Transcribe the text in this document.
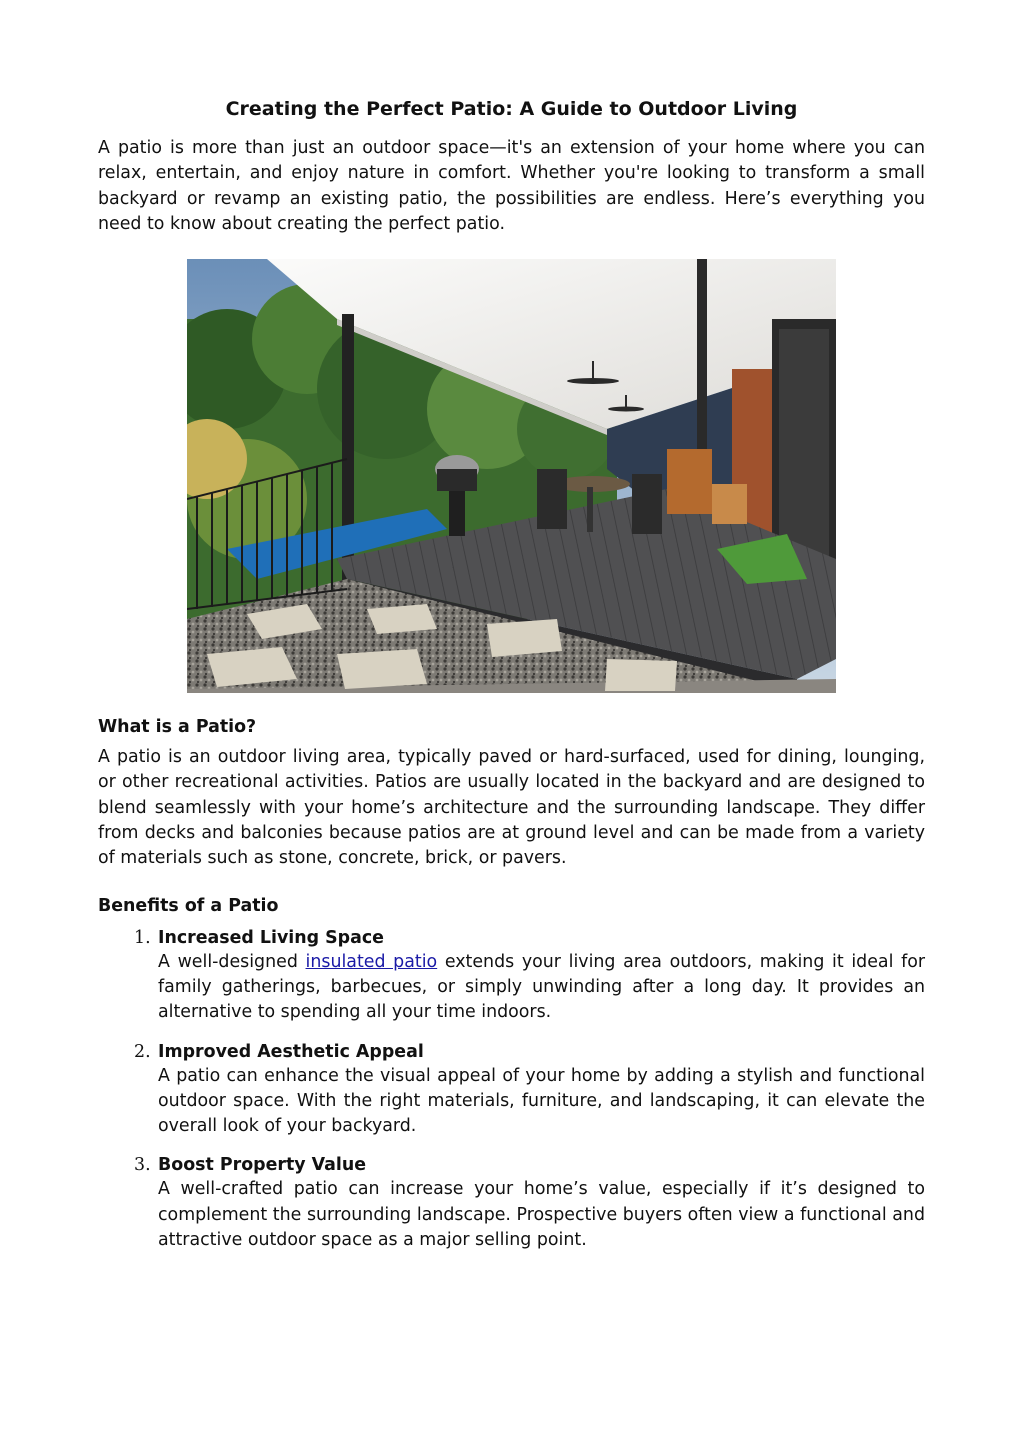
Creating the Perfect Patio: A Guide to Outdoor Living

A patio is more than just an outdoor space—it's an extension of your home where you can relax, entertain, and enjoy nature in comfort. Whether you're looking to transform a small backyard or revamp an existing patio, the possibilities are endless. Here’s everything you need to know about creating the perfect patio.

What is a Patio?

A patio is an outdoor living area, typically paved or hard-surfaced, used for dining, lounging, or other recreational activities. Patios are usually located in the backyard and are designed to blend seamlessly with your home’s architecture and the surrounding landscape. They differ from decks and balconies because patios are at ground level and can be made from a variety of materials such as stone, concrete, brick, or pavers.

Benefits of a Patio
1. Increased Living Space

A well-designed insulated patio extends your living area outdoors, making it ideal for family gatherings, barbecues, or simply unwinding after a long day. It provides an alternative to spending all your time indoors.

2. Improved Aesthetic Appeal

A patio can enhance the visual appeal of your home by adding a stylish and functional outdoor space. With the right materials, furniture, and landscaping, it can elevate the overall look of your backyard.

3. Boost Property Value

A well-crafted patio can increase your home’s value, especially if it’s designed to complement the surrounding landscape. Prospective buyers often view a functional and attractive outdoor space as a major selling point.
